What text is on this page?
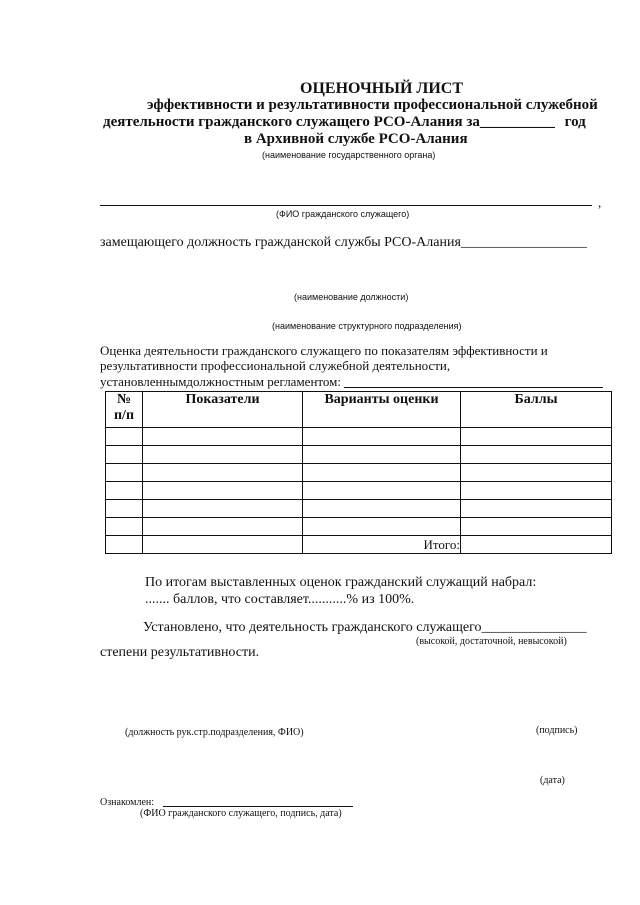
ОЦЕНОЧНЫЙ ЛИСТ
эффективности и результативности профессиональной служебной
деятельности гражданского служащего РСО-Алания за__________ год
в Архивной службе РСО-Алания
(наименование государственного органа)
,
(ФИО гражданского служащего)
замещающего должность гражданской службы РСО-Алания__________________
(наименование должности)
(наименование структурного подразделения)
Оценка деятельности гражданского служащего по показателям эффективности и
результативности профессиональной служебной деятельности,
установленнымдолжностным регламентом:
№
п/п	Показатели	Варианты оценки	Баллы

		Итого:	
По итогам выставленных оценок гражданский служащий набрал:
....... баллов, что составляет...........% из 100%.
Установлено, что деятельность гражданского служащего_______________
(высокой, достаточной, невысокой)
степени результативности.
(должность рук.стр.подразделения, ФИО)	(подпись)
(дата)
Ознакомлен:
(ФИО гражданского служащего, подпись, дата)
